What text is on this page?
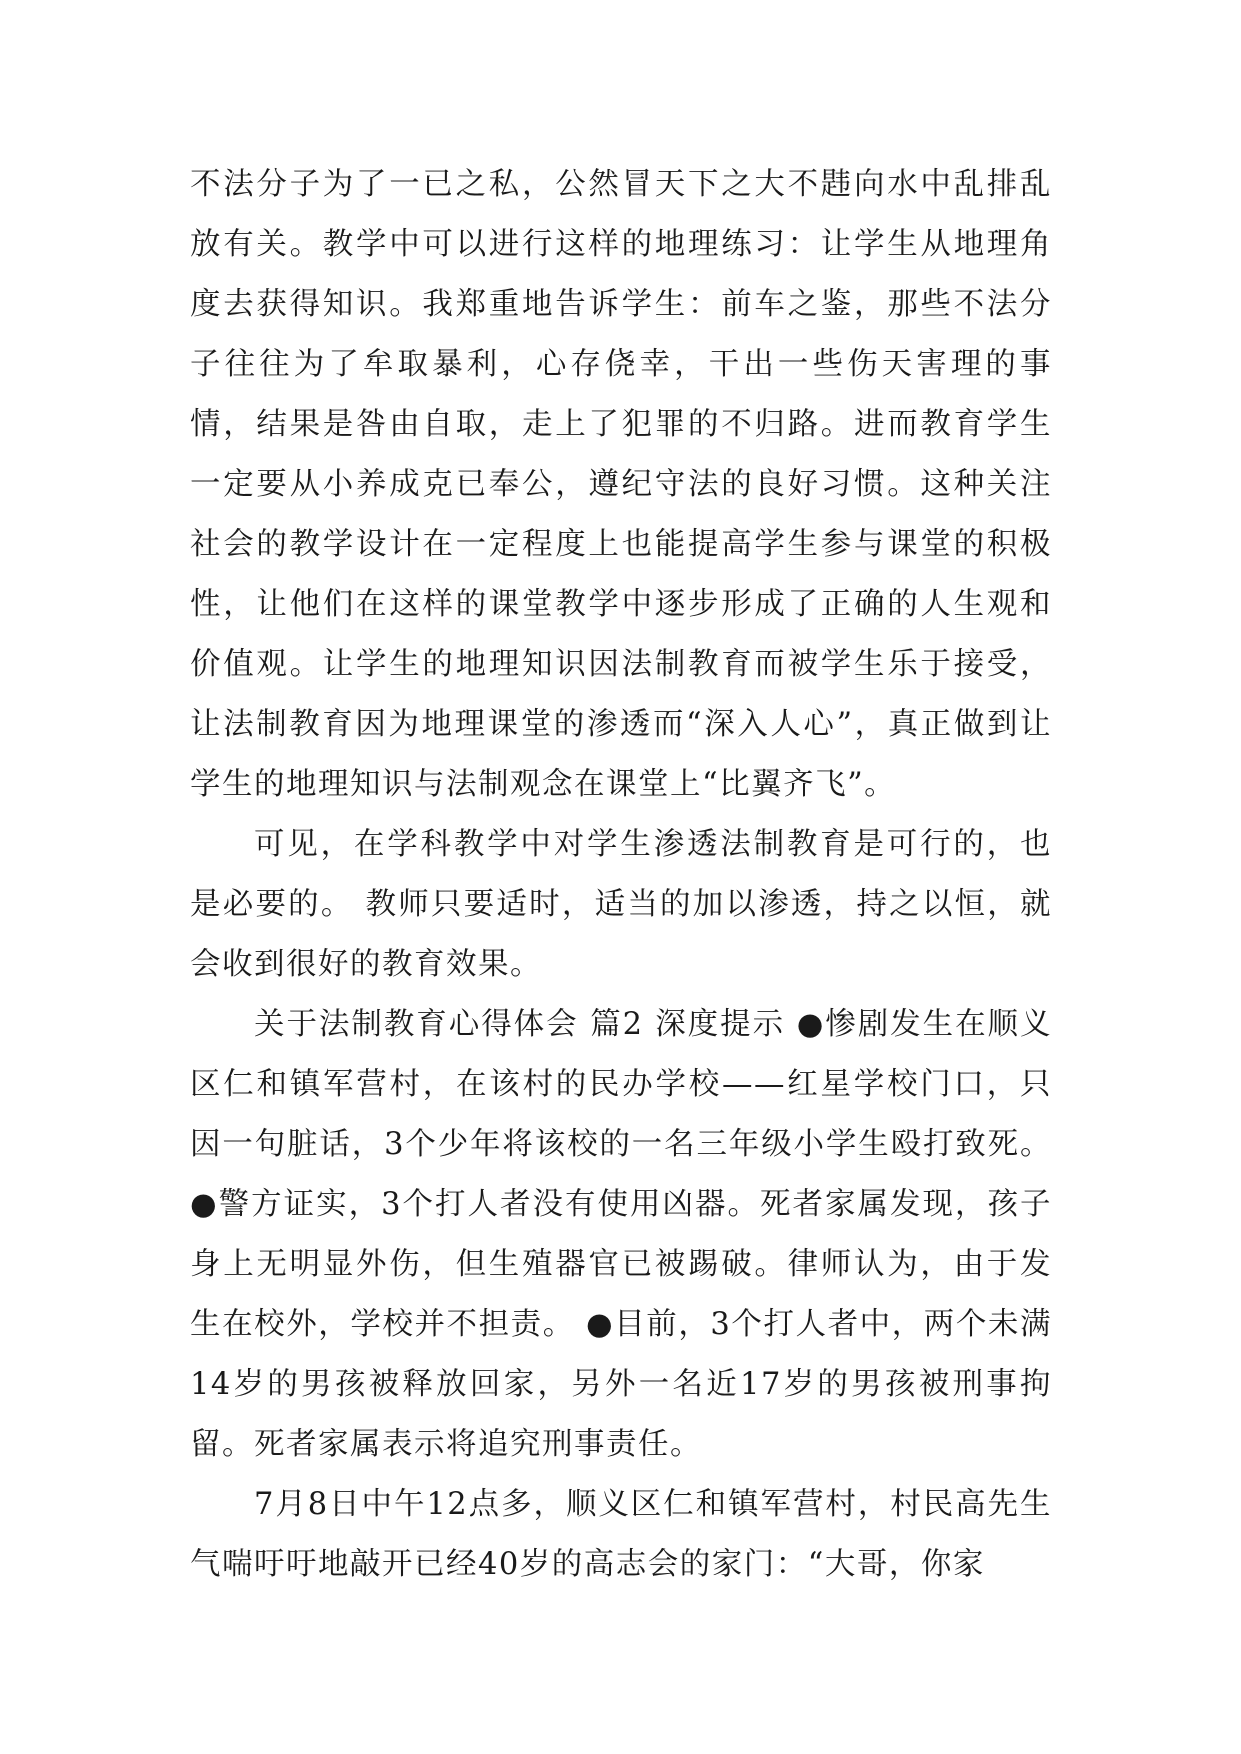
不法分子为了一已之私，公然冒天下之大不韪向水中乱排乱放有关。教学中可以进行这样的地理练习：让学生从地理角度去获得知识。我郑重地告诉学生：前车之鉴，那些不法分子往往为了牟取暴利，心存侥幸，干出一些伤天害理的事情，结果是咎由自取，走上了犯罪的不归路。进而教育学生一定要从小养成克已奉公，遵纪守法的良好习惯。这种关注社会的教学设计在一定程度上也能提高学生参与课堂的积极性，让他们在这样的课堂教学中逐步形成了正确的人生观和价值观。让学生的地理知识因法制教育而被学生乐于接受，让法制教育因为地理课堂的渗透而“深入人心”，真正做到让学生的地理知识与法制观念在课堂上“比翼齐飞”。

可见，在学科教学中对学生渗透法制教育是可行的，也是必要的。 教师只要适时，适当的加以渗透，持之以恒，就会收到很好的教育效果。

关于法制教育心得体会 篇2 深度提示 ●惨剧发生在顺义区仁和镇军营村，在该村的民办学校——红星学校门口，只因一句脏话，3个少年将该校的一名三年级小学生殴打致死。 ●警方证实，3个打人者没有使用凶器。死者家属发现，孩子身上无明显外伤，但生殖器官已被踢破。律师认为，由于发生在校外，学校并不担责。 ●目前，3个打人者中，两个未满14岁的男孩被释放回家，另外一名近17岁的男孩被刑事拘留。死者家属表示将追究刑事责任。

7月8日中午12点多，顺义区仁和镇军营村，村民高先生气喘吁吁地敲开已经40岁的高志会的家门：“大哥，你家
